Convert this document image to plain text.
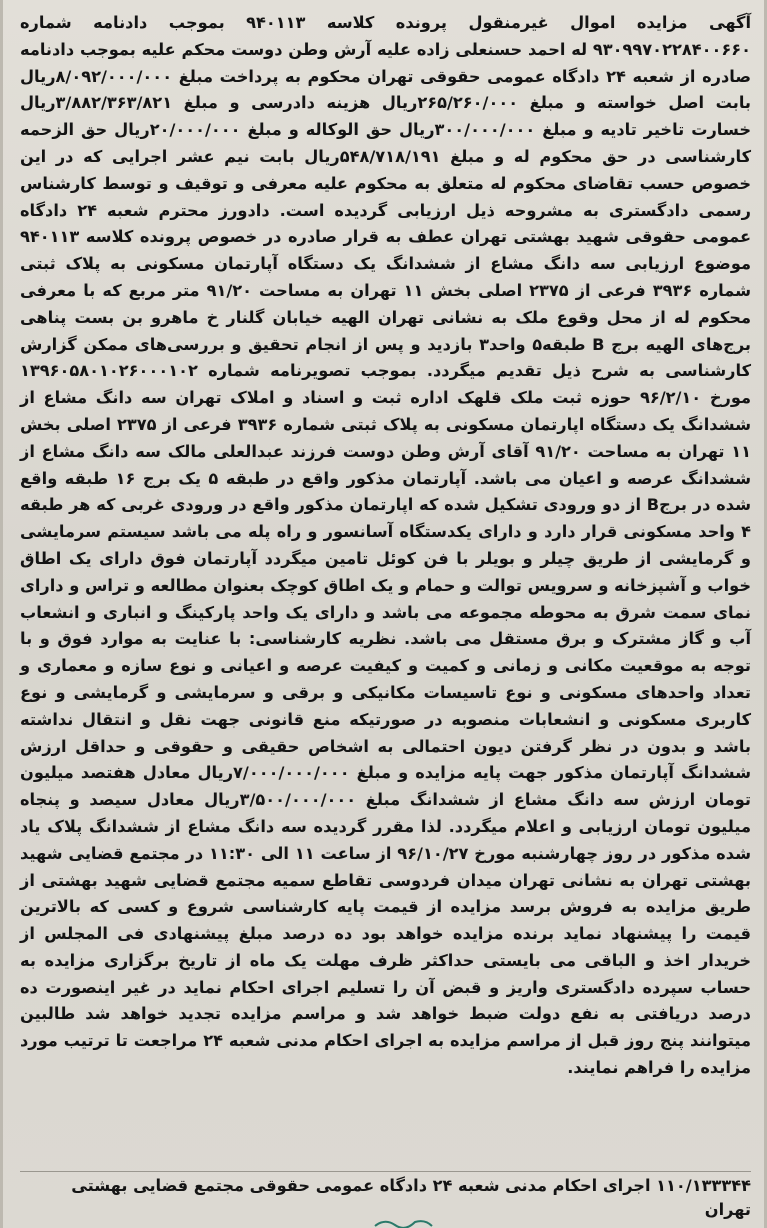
آگهی مزایده اموال غیرمنقول پرونده کلاسه ۹۴۰۱۱۳ بموجب دادنامه شماره ۹۳۰۹۹۷۰۲۲۸۴۰۰۶۶۰ له احمد حسنعلی زاده علیه آرش وطن دوست محکم علیه بموجب دادنامه صادره از شعبه ۲۴ دادگاه عمومی حقوقی تهران محکوم به پرداخت مبلغ ۸/۰۹۲/۰۰۰/۰۰۰ریال بابت اصل خواسته و مبلغ ۲۶۵/۲۶۰/۰۰۰ریال هزینه دادرسی و مبلغ ۳/۸۸۲/۳۶۳/۸۲۱ریال خسارت تاخیر تادیه و مبلغ ۳۰۰/۰۰۰/۰۰۰ریال حق الوکاله و مبلغ ۲۰/۰۰۰/۰۰۰ریال حق الزحمه کارشناسی در حق محکوم له و مبلغ ۵۴۸/۷۱۸/۱۹۱ریال بابت نیم عشر اجرایی که در این خصوص حسب تقاضای محکوم له متعلق به محکوم علیه معرفی و توقیف و توسط کارشناس رسمی دادگستری به مشروحه ذیل ارزیابی گردیده است. دادورز محترم شعبه ۲۴ دادگاه عمومی حقوقی شهید بهشتی تهران عطف به قرار صادره در خصوص پرونده کلاسه ۹۴۰۱۱۳ موضوع ارزیابی سه دانگ مشاع از ششدانگ یک دستگاه آپارتمان مسکونی به پلاک ثبتی شماره ۳۹۳۶ فرعی از ۲۳۷۵ اصلی بخش ۱۱ تهران به مساحت ۹۱/۲۰ متر مربع که با معرفی محکوم له از محل وقوع ملک به نشانی تهران الهیه خیابان گلنار خ ماهرو بن بست پناهی برج‌های الهیه برج B طبقه۵ واحد۳ بازدید و پس از انجام تحقیق و بررسی‌های ممکن گزارش کارشناسی به شرح ذیل تقدیم میگردد. بموجب تصویرنامه شماره ۱۳۹۶۰۵۸۰۱۰۲۶۰۰۰۱۰۲ مورخ ۹۶/۲/۱۰ حوزه ثبت ملک قلهک اداره ثبت و اسناد و املاک تهران سه دانگ مشاع از ششدانگ یک دستگاه اپارتمان مسکونی به پلاک ثبتی شماره ۳۹۳۶ فرعی از ۲۳۷۵ اصلی بخش ۱۱ تهران به مساحت ۹۱/۲۰ آقای آرش وطن دوست فرزند عبدالعلی مالک سه دانگ مشاع از ششدانگ عرصه و اعیان می باشد. آپارتمان مذکور واقع در طبقه ۵ یک برج ۱۶ طبقه واقع شده در برجB از دو ورودی تشکیل شده که اپارتمان مذکور واقع در ورودی غربی که هر طبقه ۴ واحد مسکونی قرار دارد و دارای یکدستگاه آسانسور و راه پله می باشد سیستم سرمایشی و گرمایشی از طریق چیلر و بویلر با فن کوئل تامین میگردد آپارتمان فوق دارای یک اطاق خواب و آشپزخانه و سرویس توالت و حمام و یک اطاق کوچک بعنوان مطالعه و تراس و دارای نمای سمت شرق به محوطه مجموعه می باشد و دارای یک واحد پارکینگ و انباری و انشعاب آب و گاز مشترک و برق مستقل می باشد. نظریه کارشناسی: با عنایت به موارد فوق و با توجه به موقعیت مکانی و زمانی و کمیت و کیفیت عرصه و اعیانی و نوع سازه و معماری و تعداد واحدهای مسکونی و نوع تاسیسات مکانیکی و برقی و سرمایشی و گرمایشی و نوع کاربری مسکونی و انشعابات منصوبه در صورتیکه منع قانونی جهت نقل و انتقال نداشته باشد و بدون در نظر گرفتن دیون احتمالی به اشخاص حقیقی و حقوقی و حداقل ارزش ششدانگ آپارتمان مذکور جهت پایه مزایده و مبلغ ۷/۰۰۰/۰۰۰/۰۰۰ریال معادل هفتصد میلیون تومان ارزش سه دانگ مشاع از ششدانگ مبلغ ۳/۵۰۰/۰۰۰/۰۰۰ریال معادل سیصد و پنجاه میلیون تومان ارزیابی و اعلام میگردد. لذا مقرر گردیده سه دانگ مشاع از ششدانگ پلاک یاد شده مذکور در روز چهارشنبه مورخ ۹۶/۱۰/۲۷ از ساعت ۱۱ الی ۱۱:۳۰ در مجتمع قضایی شهید بهشتی تهران به نشانی تهران میدان فردوسی تقاطع سمیه مجتمع قضایی شهید بهشتی از طریق مزایده به فروش برسد مزایده از قیمت پایه کارشناسی شروع و کسی که بالاترین قیمت را پیشنهاد نماید برنده مزایده خواهد بود ده درصد مبلغ پیشنهادی فی المجلس از خریدار اخذ و الباقی می بایستی حداکثر ظرف مهلت یک ماه از تاریخ برگزاری مزایده به حساب سپرده دادگستری واریز و قبض آن را تسلیم اجرای احکام نماید در غیر اینصورت ده درصد دریافتی به نفع دولت ضبط خواهد شد و مراسم مزایده تجدید خواهد شد طالبین میتوانند پنج روز قبل از مراسم مزایده به اجرای احکام مدنی شعبه ۲۴ مراجعت تا ترتیب مورد مزایده را فراهم نمایند.

۱۱۰/۱۳۳۳۴۴ اجرای احکام مدنی شعبه ۲۴ دادگاه عمومی حقوقی مجتمع قضایی بهشتی تهران
